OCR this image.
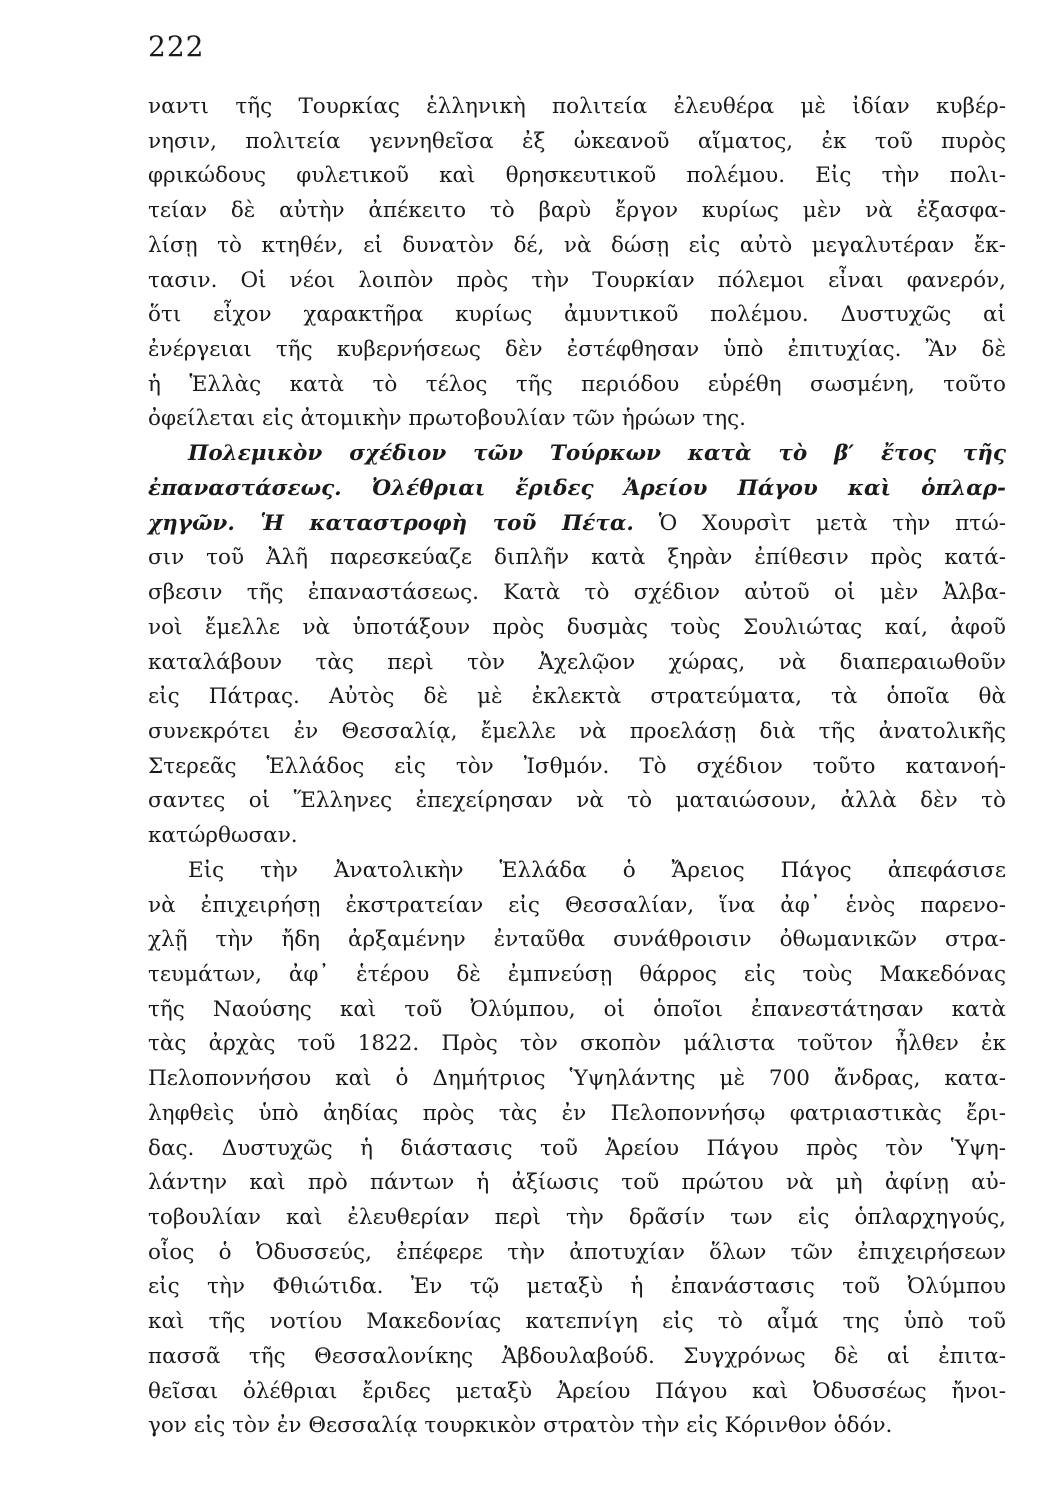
222
ναντι τῆς Τουρκίας ἑλληνικὴ πολιτεία ἐλευθέρα μὲ ἰδίαν κυβέρ-
νησιν, πολιτεία γεννηθεῖσα ἐξ ὠκεανοῦ αἵματος, ἐκ τοῦ πυρὸς
φρικώδους φυλετικοῦ καὶ θρησκευτικοῦ πολέμου. Εἰς τὴν πολι-
τείαν δὲ αὐτὴν ἀπέκειτο τὸ βαρὺ ἔργον κυρίως μὲν νὰ ἐξασφα-
λίσῃ τὸ κτηθέν, εἰ δυνατὸν δέ, νὰ δώσῃ εἰς αὐτὸ μεγαλυτέραν ἔκ-
τασιν. Οἱ νέοι λοιπὸν πρὸς τὴν Τουρκίαν πόλεμοι εἶναι φανερόν,
ὅτι εἶχον χαρακτῆρα κυρίως ἀμυντικοῦ πολέμου. Δυστυχῶς αἱ
ἐνέργειαι τῆς κυβερνήσεως δὲν ἐστέφθησαν ὑπὸ ἐπιτυχίας. Ἂν δὲ
ἡ Ἑλλὰς κατὰ τὸ τέλος τῆς περιόδου εὑρέθη σωσμένη, τοῦτο
ὀφείλεται εἰς ἀτομικὴν πρωτοβουλίαν τῶν ἡρώων της.
Πολεμικὸν σχέδιον τῶν Τούρκων κατὰ τὸ β′ ἔτος τῆς
ἐπαναστάσεως. Ὀλέθριαι ἔριδες Ἀρείου Πάγου καὶ ὁπλαρ-
χηγῶν. Ἡ καταστροφὴ τοῦ Πέτα. Ὁ Χουρσὶτ μετὰ τὴν πτώ-
σιν τοῦ Ἀλῆ παρεσκεύαζε διπλῆν κατὰ ξηρὰν ἐπίθεσιν πρὸς κατά-
σβεσιν τῆς ἐπαναστάσεως. Κατὰ τὸ σχέδιον αὐτοῦ οἱ μὲν Ἀλβα-
νοὶ ἔμελλε νὰ ὑποτάξουν πρὸς δυσμὰς τοὺς Σουλιώτας καί, ἀφοῦ
καταλάβουν τὰς περὶ τὸν Ἀχελῷον χώρας, νὰ διαπεραιωθοῦν
εἰς Πάτρας. Αὐτὸς δὲ μὲ ἐκλεκτὰ στρατεύματα, τὰ ὁποῖα θὰ
συνεκρότει ἐν Θεσσαλίᾳ, ἔμελλε νὰ προελάσῃ διὰ τῆς ἀνατολικῆς
Στερεᾶς Ἑλλάδος εἰς τὸν Ἰσθμόν. Τὸ σχέδιον τοῦτο κατανοή-
σαντες οἱ Ἕλληνες ἐπεχείρησαν νὰ τὸ ματαιώσουν, ἀλλὰ δὲν τὸ
κατώρθωσαν.
Εἰς τὴν Ἀνατολικὴν Ἑλλάδα ὁ Ἄρειος Πάγος ἀπεφάσισε
νὰ ἐπιχειρήσῃ ἐκστρατείαν εἰς Θεσσαλίαν, ἵνα ἀφ᾽ ἑνὸς παρενο-
χλῇ τὴν ἤδη ἀρξαμένην ἐνταῦθα συνάθροισιν ὀθωμανικῶν στρα-
τευμάτων, ἀφ᾽ ἑτέρου δὲ ἐμπνεύσῃ θάρρος εἰς τοὺς Μακεδόνας
τῆς Ναούσης καὶ τοῦ Ὀλύμπου, οἱ ὁποῖοι ἐπανεστάτησαν κατὰ
τὰς ἀρχὰς τοῦ 1822. Πρὸς τὸν σκοπὸν μάλιστα τοῦτον ἦλθεν ἐκ
Πελοποννήσου καὶ ὁ Δημήτριος Ὑψηλάντης μὲ 700 ἄνδρας, κατα-
ληφθεὶς ὑπὸ ἀηδίας πρὸς τὰς ἐν Πελοποννήσῳ φατριαστικὰς ἔρι-
δας. Δυστυχῶς ἡ διάστασις τοῦ Ἀρείου Πάγου πρὸς τὸν Ὑψη-
λάντην καὶ πρὸ πάντων ἡ ἀξίωσις τοῦ πρώτου νὰ μὴ ἀφίνῃ αὐ-
τοβουλίαν καὶ ἐλευθερίαν περὶ τὴν δρᾶσίν των εἰς ὁπλαρχηγούς,
οἷος ὁ Ὀδυσσεύς, ἐπέφερε τὴν ἀποτυχίαν ὅλων τῶν ἐπιχειρήσεων
εἰς τὴν Φθιώτιδα. Ἐν τῷ μεταξὺ ἡ ἐπανάστασις τοῦ Ὀλύμπου
καὶ τῆς νοτίου Μακεδονίας κατεπνίγη εἰς τὸ αἷμά της ὑπὸ τοῦ
πασσᾶ τῆς Θεσσαλονίκης Ἀβδουλαβούδ. Συγχρόνως δὲ αἱ ἐπιτα-
θεῖσαι ὀλέθριαι ἔριδες μεταξὺ Ἀρείου Πάγου καὶ Ὀδυσσέως ἤνοι-
γον εἰς τὸν ἐν Θεσσαλίᾳ τουρκικὸν στρατὸν τὴν εἰς Κόρινθον ὁδόν.
